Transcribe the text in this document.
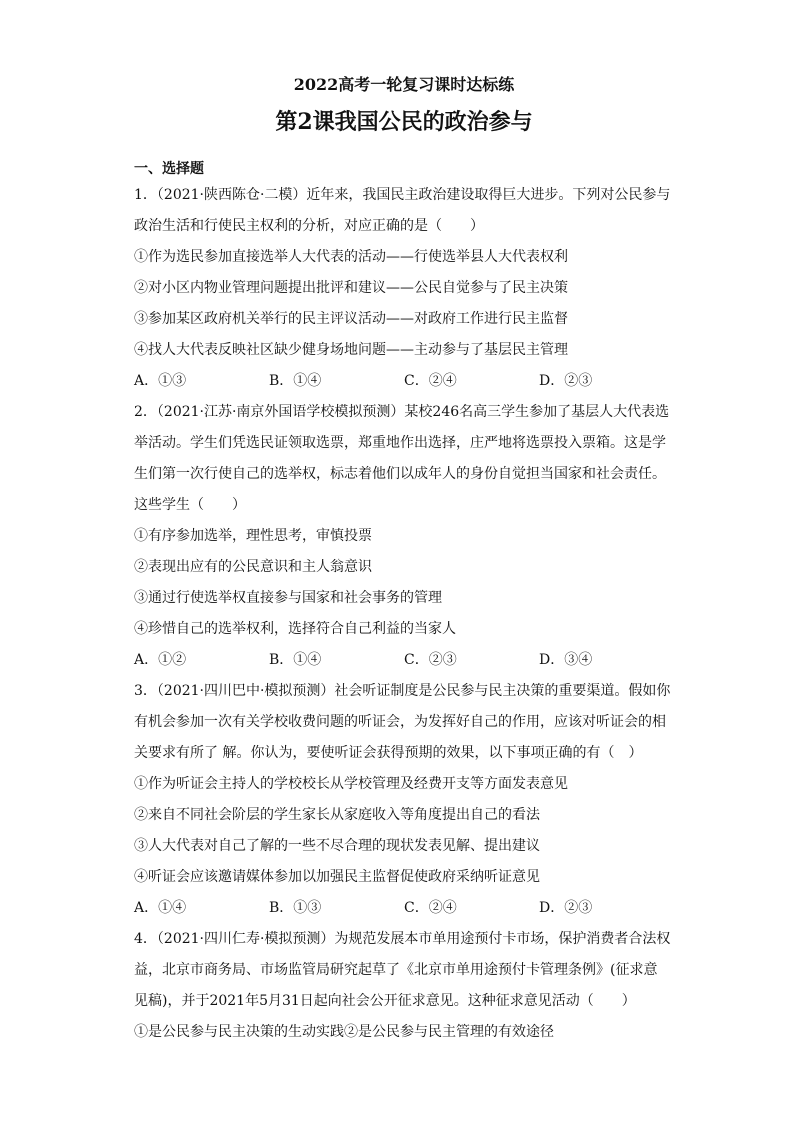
2022高考一轮复习课时达标练
第2课我国公民的政治参与
一、选择题
1．（2021·陕西陈仓·二模）近年来，我国民主政治建设取得巨大进步。下列对公民参与
政治生活和行使民主权利的分析，对应正确的是（　　）
①作为选民参加直接选举人大代表的活动——行使选举县人大代表权利
②对小区内物业管理问题提出批评和建议——公民自觉参与了民主决策
③参加某区政府机关举行的民主评议活动——对政府工作进行民主监督
④找人大代表反映社区缺少健身场地问题——主动参与了基层民主管理
A．①③	B．①④	C．②④	D．②③
2．（2021·江苏·南京外国语学校模拟预测）某校246名高三学生参加了基层人大代表选
举活动。学生们凭选民证领取选票，郑重地作出选择，庄严地将选票投入票箱。这是学
生们第一次行使自己的选举权，标志着他们以成年人的身份自觉担当国家和社会责任。
这些学生（　　）
①有序参加选举，理性思考，审慎投票
②表现出应有的公民意识和主人翁意识
③通过行使选举权直接参与国家和社会事务的管理
④珍惜自己的选举权利，选择符合自己利益的当家人
A．①②	B．①④	C．②③	D．③④
3．（2021·四川巴中·模拟预测）社会听证制度是公民参与民主决策的重要渠道。假如你
有机会参加一次有关学校收费问题的听证会，为发挥好自己的作用，应该对听证会的相
关要求有所了 解。你认为，要使听证会获得预期的效果，以下事项正确的有（　）
①作为听证会主持人的学校校长从学校管理及经费开支等方面发表意见
②来自不同社会阶层的学生家长从家庭收入等角度提出自己的看法
③人大代表对自己了解的一些不尽合理的现状发表见解、提出建议
④听证会应该邀请媒体参加以加强民主监督促使政府采纳听证意见
A．①④	B．①③	C．②④	D．②③
4．（2021·四川仁寿·模拟预测）为规范发展本市单用途预付卡市场，保护消费者合法权
益，北京市商务局、市场监管局研究起草了《北京市单用途预付卡管理条例》(征求意
见稿)，并于2021年5月31日起向社会公开征求意见。这种征求意见活动（　　）
①是公民参与民主决策的生动实践②是公民参与民主管理的有效途径
